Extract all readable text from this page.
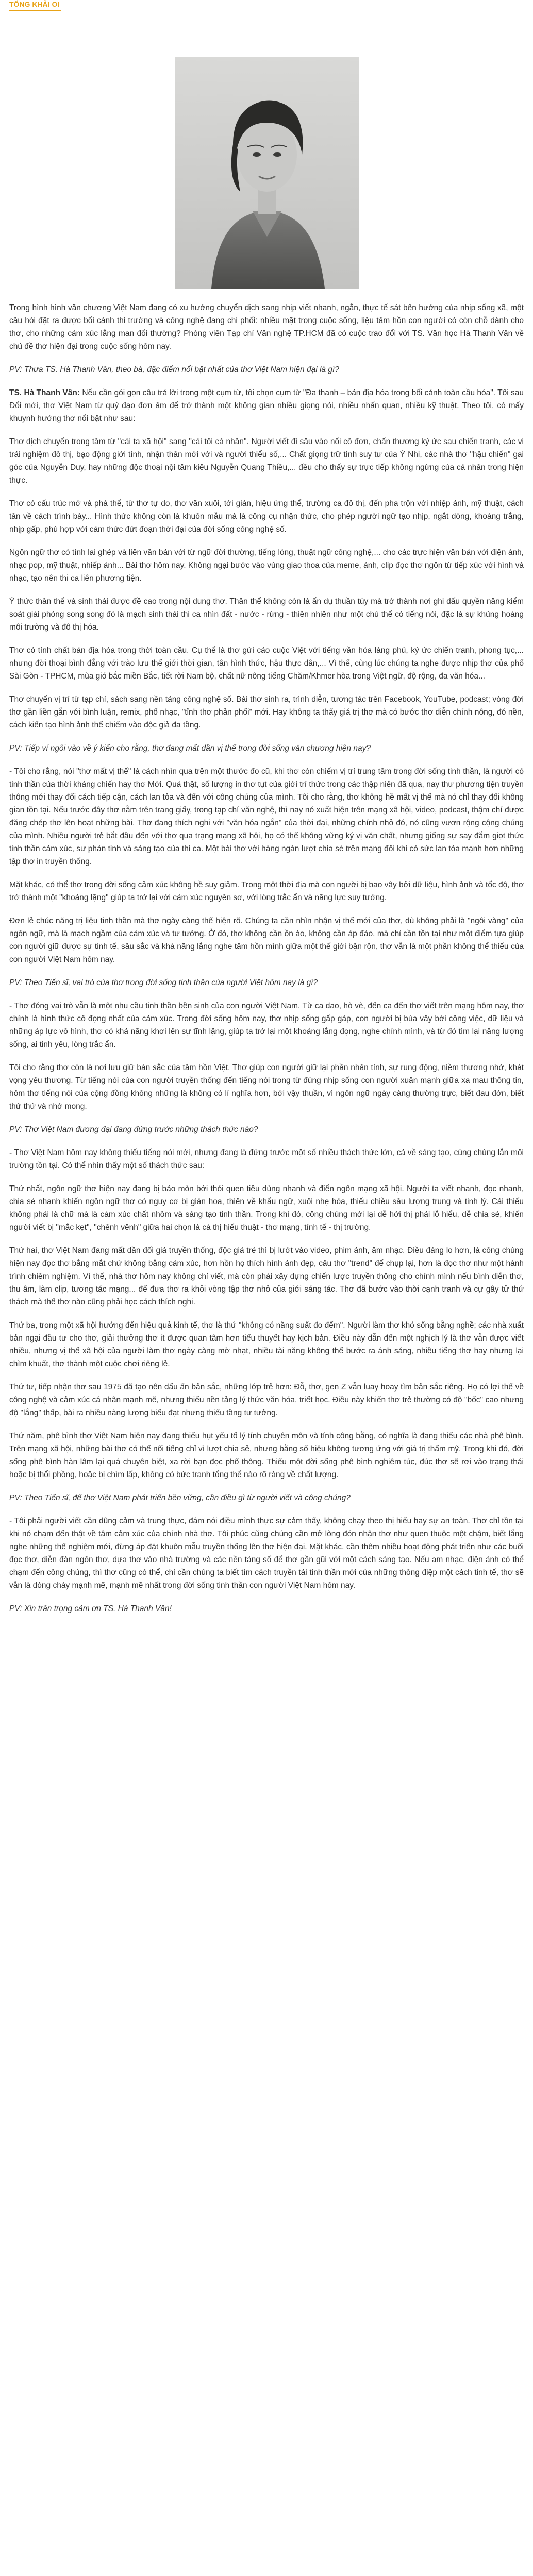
TỔNG KHẢI OI

Trong hình hình văn chương Việt Nam đang có xu hướng chuyển dịch sang nhịp viết nhanh, ngắn, thực tế sát bên hướng của nhịp sống xã, một câu hỏi đặt ra được bổi cảnh thi trường và công nghệ đang chi phối: nhiều mặt trong cuộc sống, liệu tâm hồn con người có còn chỗ dành cho thơ, cho những cảm xúc lắng man đổi thường? Phóng viên Tạp chí Văn nghệ TP.HCM đã có cuộc trao đổi với TS. Văn học Hà Thanh Vân về chủ đề thơ hiện đại trong cuộc sống hôm nay.

PV: Thưa TS. Hà Thanh Vân, theo bà, đặc điểm nổi bật nhất của thơ Việt Nam hiện đại là gì?

TS. Hà Thanh Vân: Nếu cần gói gọn câu trả lời trong một cụm từ, tôi chọn cụm từ "Đa thanh – bản địa hóa trong bối cảnh toàn cầu hóa". Tôi sau Đổi mới, thơ Việt Nam từ quý đạo đơn âm để trở thành một không gian nhiều giọng nói, nhiều nhấn quan, nhiều kỹ thuật. Theo tôi, có mấy khuynh hướng thơ nổi bật như sau:

Thơ dịch chuyển trong tâm từ "cái ta xã hội" sang "cái tôi cá nhân". Người viết đi sâu vào nối cô đơn, chấn thương ký ức sau chiến tranh, các vi trải nghiệm đô thị, bạo động giới tính, nhận thân mới với và người thiểu số,... Chất giọng trữ tình suy tư của Ý Nhi, các nhà thơ "hậu chiến" gai góc của Nguyễn Duy, hay những độc thoại nội tâm kiêu Nguyễn Quang Thiều,... đều cho thấy sự trực tiếp không ngừng của cá nhân trong hiện thực.

Thơ có cấu trúc mở và phá thể, từ thơ tự do, thơ văn xuôi, tới giản, hiệu ứng thể, trường ca đô thị, đến pha trộn với nhiệp ảnh, mỹ thuật, cách tân về cách trình bày... Hình thức không còn là khuôn mẫu mà là công cụ nhận thức, cho phép người ngữ tạo nhịp, ngắt dòng, khoảng trắng, nhịp gấp, phù hợp với cảm thức đứt đoạn thời đại của đời sống công nghệ số.

Ngôn ngữ thơ có tính lai ghép và liên văn bản với từ ngữ đời thường, tiếng lóng, thuật ngữ công nghệ,... cho các trực hiện văn bản với điện ảnh, nhạc pop, mỹ thuật, nhiếp ảnh... Bài thơ hôm nay. Không ngại bước vào vùng giao thoa của meme, ảnh, clip đọc thơ ngôn từ tiếp xúc với hình và nhạc, tạo nên thi ca liên phương tiện.

Ý thức thân thể và sinh thái được đề cao trong nội dung thơ. Thân thể không còn là ẩn dụ thuần túy mà trở thành nơi ghi dấu quyền năng kiểm soát giải phóng song song đó là mạch sinh thái thi ca nhìn đất - nước - rừng - thiên nhiên như một chủ thể có tiếng nói, đặc là sự khủng hoảng môi trường và đô thị hóa.

Thơ có tính chất bản địa hóa trong thời toàn cầu. Cụ thể là thơ gửi cảo cuộc Việt với tiếng vần hóa làng phủ, ký ức chiến tranh, phong tục,... nhưng đời thoại bình đẳng với trào lưu thế giới thời gian, tân hình thức, hậu thực dân,... Vì thế, cùng lúc chúng ta nghe được nhịp thơ của phố Sài Gòn - TPHCM, mùa gió bắc miền Bắc, tiết rời Nam bộ, chất nữ nông tiếng Chăm/Khmer hòa trong Việt ngữ, độ rộng, đa văn hóa...

Thơ chuyển vị trí từ tạp chí, sách sang nền tảng công nghệ số. Bài thơ sinh ra, trình diễn, tương tác trên Facebook, YouTube, podcast; vòng đời thơ gần liền gắn với bình luận, remix, phố nhạc, "tỉnh thơ phản phối" mới. Hay không ta thấy giá trị thơ mà có bước thơ diễn chính nông, đó nền, cách kiến tạo hình ảnh thể chiếm vào độc giả đa tầng.

PV: Tiếp ví ngôi vào về ý kiến cho rằng, thơ đang mất dần vị thế trong đời sống văn chương hiện nay?

- Tôi cho rằng, nói "thơ mất vị thế" là cách nhìn qua trên một thước đo cũ, khi thơ còn chiếm vị trí trung tâm trong đời sống tinh thần, là người có tinh thần của thời kháng chiến hay thơ Mới. Quả thật, số lượng in thơ tụt của giới trí thức trong các thập niên đã qua, nay thư phương tiện truyền thông mới thay đổi cách tiếp cận, cách lan tỏa và đến với công chúng của mình. Tôi cho rằng, thơ không hề mất vị thế mà nó chỉ thay đổi không gian tồn tại. Nếu trước đây thơ nằm trên trang giấy, trong tạp chí văn nghệ, thì nay nó xuất hiện trên mạng xã hội, video, podcast, thậm chí được đăng chép thơ lên hoạt những bài. Thơ đang thích nghi với "văn hóa ngắn" của thời đại, những chính nhỏ đó, nó cũng vươn rộng cộng chúng của mình. Nhiều người trẻ bắt đầu đến với thơ qua trạng mạng xã hội, họ có thể không vững ký vị văn chất, nhưng giống sự say đắm giọt thức tinh thần cảm xúc, sư phản tinh và sáng tạo của thi ca. Một bài thơ với hàng ngàn lượt chia sẻ trên mạng đôi khi có sức lan tỏa mạnh hơn những tập thơ in truyền thống.

Mặt khác, có thể thơ trong đời sống cảm xúc không hề suy giảm. Trong một thời địa mà con người bị bao vây bởi dữ liệu, hình ảnh và tốc độ, thơ trở thành một "khoảng lặng" giúp ta trở lại với cảm xúc nguyên sơ, với lòng trắc ẩn và năng lực suy tưởng.

Đơn lẻ chúc năng trị liệu tinh thần mà thơ ngày càng thể hiện rõ. Chúng ta cần nhìn nhận vị thế mới của thơ, dù không phải là "ngôi vàng" của ngôn ngữ, mà là mạch ngầm của cảm xúc và tư tưởng. Ở đó, thơ không cần ồn ào, không cần áp đảo, mà chỉ cần tồn tại như một điểm tựa giúp con người giữ được sự tinh tế, sâu sắc và khả năng lắng nghe tâm hồn mình giữa một thế giới bận rộn, thơ vẫn là một phần không thể thiếu của con người Việt Nam hôm nay.

PV: Theo Tiến sĩ, vai trò của thơ trong đời sống tinh thần của người Việt hôm nay là gì?

- Thơ đóng vai trò vẫn là một nhu cầu tinh thần bền sinh của con người Việt Nam. Từ ca dao, hò vè, đến ca đến thơ viết trên mạng hôm nay, thơ chính là hình thức cô đọng nhất của cảm xúc. Trong đời sống hôm nay, thơ nhịp sống gấp gáp, con người bị bủa vây bởi công việc, dữ liệu và những áp lực vô hình, thơ có khả năng khơi lên sự tĩnh lặng, giúp ta trở lại một khoảng lắng đọng, nghe chính mình, và từ đó tìm lại năng lượng sống, ai tinh yêu, lòng trắc ẩn.

Tôi cho rằng thơ còn là nơi lưu giữ bản sắc của tâm hồn Việt. Thơ giúp con người giữ lại phần nhân tính, sự rung động, niềm thương nhớ, khát vọng yêu thương. Từ tiếng nói của con người truyền thống đến tiếng nói trong từ đúng nhịp sống con người xuân mạnh giữa xa mau thông tin, hôm thơ tiếng nói của cộng đồng không những là không có lí nghĩa hơn, bởi vậy thuần, vì ngôn ngữ ngày càng thường trực, biết đau đớn, biết thứ thứ và nhớ mong.

PV: Thơ Việt Nam đương đại đang đứng trước những thách thức nào?

- Thơ Việt Nam hôm nay không thiếu tiếng nói mới, nhưng đang là đứng trước một số nhiều thách thức lớn, cả về sáng tạo, cùng chúng lẫn môi trường tồn tại. Có thể nhìn thấy một số thách thức sau:

Thứ nhất, ngôn ngữ thơ hiện nay đang bị bảo mòn bởi thói quen tiêu dùng nhanh và điển ngôn mạng xã hội. Người ta viết nhanh, đọc nhanh, chia sẻ nhanh khiến ngôn ngữ thơ có nguy cơ bị gián hoa, thiên về khẩu ngữ, xuôi nhẹ hóa, thiếu chiều sâu lượng trung và tinh lý. Cái thiếu không phải là chữ mà là cảm xúc chất nhôm và sáng tạo tinh thần. Trong khi đó, công chúng mới lại dễ hởi thị phải lỗ hiểu, dễ chia sẻ, khiến người viết bị "mắc kẹt", "chênh vênh" giữa hai chọn là cả thị hiếu thuật - thơ mạng, tính tế - thị trường.

Thứ hai, thơ Việt Nam đang mất dần đối giả truyền thống, độc giả trẻ thì bị lướt vào video, phim ảnh, âm nhạc. Điều đáng lo hơn, là công chúng hiện nay đọc thơ bằng mắt chứ không bằng cảm xúc, hơn hồn họ thích hình ảnh đẹp, câu thơ "trend" để chụp lại, hơn là đọc thơ như một hành trình chiêm nghiệm. Vì thế, nhà thơ hôm nay không chỉ viết, mà còn phải xây dựng chiến lược truyền thông cho chính mình nếu bình diễn thơ, thu âm, làm clip, tương tác mạng... để đưa thơ ra khỏi vòng tập thơ nhỏ của giới sáng tác. Thơ đã bước vào thời cạnh tranh và cự gây tử thứ thách mà thể thơ nào cũng phải học cách thích nghi.

Thứ ba, trong một xã hội hướng đến hiệu quả kinh tế, thơ là thứ "không có năng suất đo đếm". Người làm thơ khó sống bằng nghề; các nhà xuất bản ngại đầu tư cho thơ, giải thưởng thơ ít được quan tâm hơn tiểu thuyết hay kịch bản. Điều này dẫn đến một nghịch lý là thơ vẫn được viết nhiều, nhưng vị thế xã hội của người làm thơ ngày càng mờ nhạt, nhiều tài năng không thể bước ra ánh sáng, nhiều tiếng thơ hay nhưng lại chìm khuất, thơ thành một cuộc chơi riêng lẻ.

Thứ tư, tiếp nhận thơ sau 1975 đã tạo nên dấu ấn bản sắc, những lớp trẻ hơn: Đỗ, thơ, gen Z vẫn luay hoay tìm bản sắc riêng. Họ có lợi thế về công nghệ và cảm xúc cá nhân mạnh mẽ, nhưng thiếu nền tảng lý thức văn hóa, triết học. Điều này khiến thơ trẻ thường có độ "bốc" cao nhưng độ "lắng" thấp, bài ra nhiều nàng lượng biểu đạt nhưng thiếu tầng tư tưởng.

Thứ năm, phê bình thơ Việt Nam hiện nay đang thiếu hụt yếu tố lý tính chuyên môn và tính công bằng, có nghĩa là đang thiếu các nhà phê bình. Trên mạng xã hội, những bài thơ có thể nổi tiếng chỉ vì lượt chia sẻ, nhưng bằng số hiệu không tương ứng với giá trị thẩm mỹ. Trong khi đó, đời sống phê bình hàn lâm lại quá chuyên biệt, xa rời bạn đọc phổ thông. Thiếu một đời sống phê bình nghiêm túc, đúc thơ sẽ rơi vào trạng thái hoặc bị thổi phồng, hoặc bị chìm lấp, không có bức tranh tổng thể nào rõ ràng về chất lượng.

PV: Theo Tiến sĩ, để thơ Việt Nam phát triển bền vững, cần điều gì từ người viết và công chúng?

- Tôi phải người viết cần dũng cảm và trung thực, đám nói điều mình thực sự cảm thấy, không chạy theo thị hiếu hay sự an toàn. Thơ chỉ tồn tại khi nó chạm đến thật về tâm cảm xúc của chính nhà thơ. Tôi phúc cũng chúng cần mở lòng đón nhận thơ như quen thuộc một chậm, biết lắng nghe những thể nghiệm mới, đừng áp đặt khuôn mẫu truyền thống lên thơ hiện đại. Mặt khác, cần thêm nhiều hoạt động phát triển như các buổi đọc thơ, diễn đàn ngôn thơ, dựa thơ vào nhà trường và các nền tảng số để thơ gần gũi với một cách sáng tạo. Nếu am nhạc, điện ảnh có thể chạm đến công chúng, thì thơ cũng có thể, chỉ cần chúng ta biết tìm cách truyền tải tinh thần mới của những thông điệp một cách tinh tế, thơ sẽ vẫn là dòng chảy mạnh mẽ, mạnh mẽ nhất trong đời sống tinh thần con người Việt Nam hôm nay.

PV: Xin trân trọng cảm ơn TS. Hà Thanh Vân!
